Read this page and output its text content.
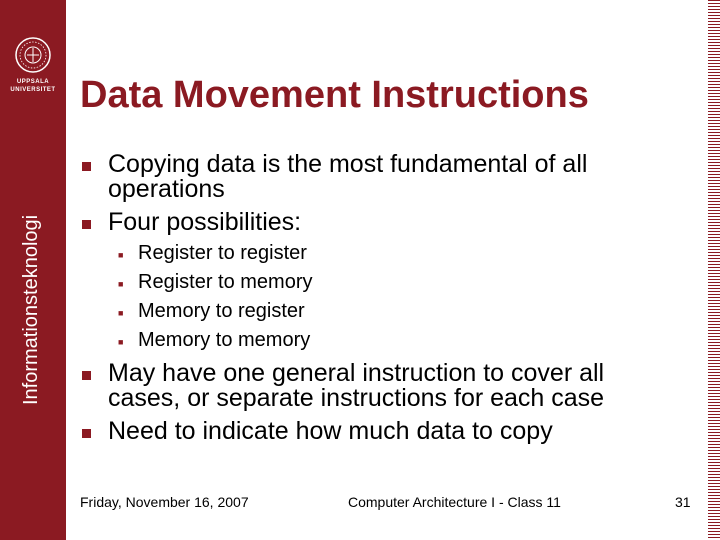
UPPSALA
UNIVERSITET
Informationsteknologi
Data Movement Instructions
Copying data is the most fundamental of all operations
Four possibilities:
■ Register to register
■ Register to memory
■ Memory to register
■ Memory to memory
May have one general instruction to cover all cases, or separate instructions for each case
Need to indicate how much data to copy
Friday, November 16, 2007	Computer Architecture I - Class 11	31
